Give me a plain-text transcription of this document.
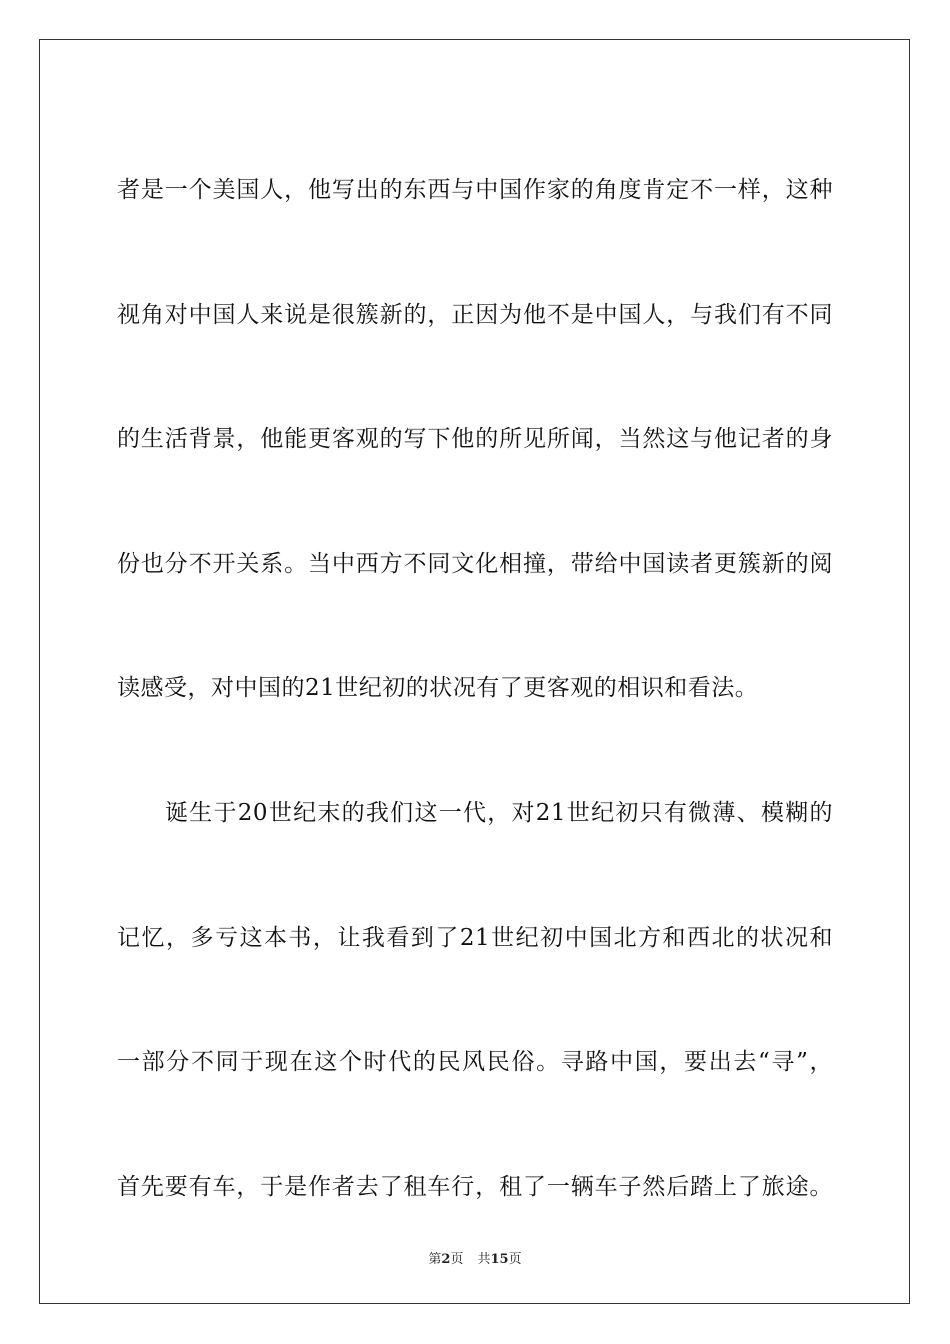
者是一个美国人，他写出的东西与中国作家的角度肯定不一样，这种
视角对中国人来说是很簇新的，正因为他不是中国人，与我们有不同
的生活背景，他能更客观的写下他的所见所闻，当然这与他记者的身
份也分不开关系。当中西方不同文化相撞，带给中国读者更簇新的阅
读感受，对中国的21世纪初的状况有了更客观的相识和看法。
诞生于20世纪末的我们这一代，对21世纪初只有微薄、模糊的
记忆，多亏这本书，让我看到了21世纪初中国北方和西北的状况和
一部分不同于现在这个时代的民风民俗。寻路中国，要出去“寻”，
首先要有车，于是作者去了租车行，租了一辆车子然后踏上了旅途。
第2页 共15页
